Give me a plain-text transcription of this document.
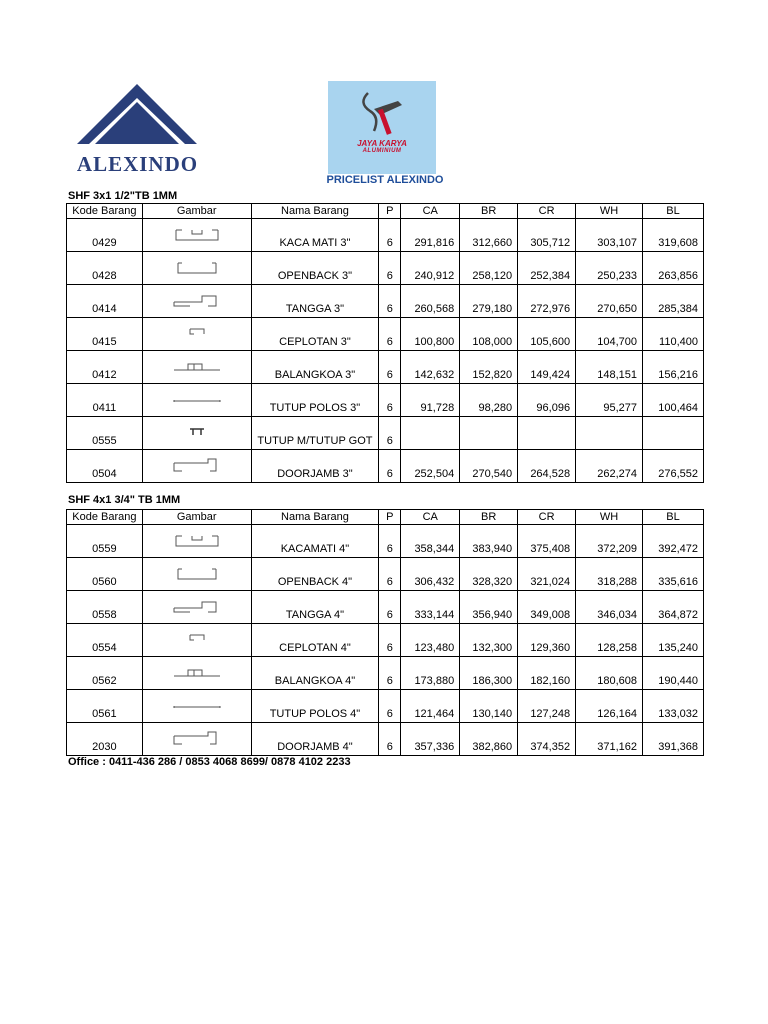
ALEXINDO
JAYA KARYA
ALUMINIUM
PRICELIST ALEXINDO
SHF 3x1 1/2"TB 1MM
Kode Barang	Gambar	Nama Barang	P	CA	BR	CR	WH	BL
0429		KACA MATI 3"	6	291,816	312,660	305,712	303,107	319,608
0428		OPENBACK 3"	6	240,912	258,120	252,384	250,233	263,856
0414		TANGGA 3"	6	260,568	279,180	272,976	270,650	285,384
0415		CEPLOTAN 3"	6	100,800	108,000	105,600	104,700	110,400
0412		BALANGKOA 3"	6	142,632	152,820	149,424	148,151	156,216
0411		TUTUP POLOS 3"	6	91,728	98,280	96,096	95,277	100,464
0555		TUTUP M/TUTUP GOT	6					
0504		DOORJAMB 3"	6	252,504	270,540	264,528	262,274	276,552
SHF 4x1 3/4" TB 1MM
Kode Barang	Gambar	Nama Barang	P	CA	BR	CR	WH	BL
0559		KACAMATI 4"	6	358,344	383,940	375,408	372,209	392,472
0560		OPENBACK 4"	6	306,432	328,320	321,024	318,288	335,616
0558		TANGGA 4"	6	333,144	356,940	349,008	346,034	364,872
0554		CEPLOTAN 4"	6	123,480	132,300	129,360	128,258	135,240
0562		BALANGKOA 4"	6	173,880	186,300	182,160	180,608	190,440
0561		TUTUP POLOS 4"	6	121,464	130,140	127,248	126,164	133,032
2030		DOORJAMB 4"	6	357,336	382,860	374,352	371,162	391,368
Office : 0411-436 286 / 0853 4068 8699/ 0878 4102 2233
